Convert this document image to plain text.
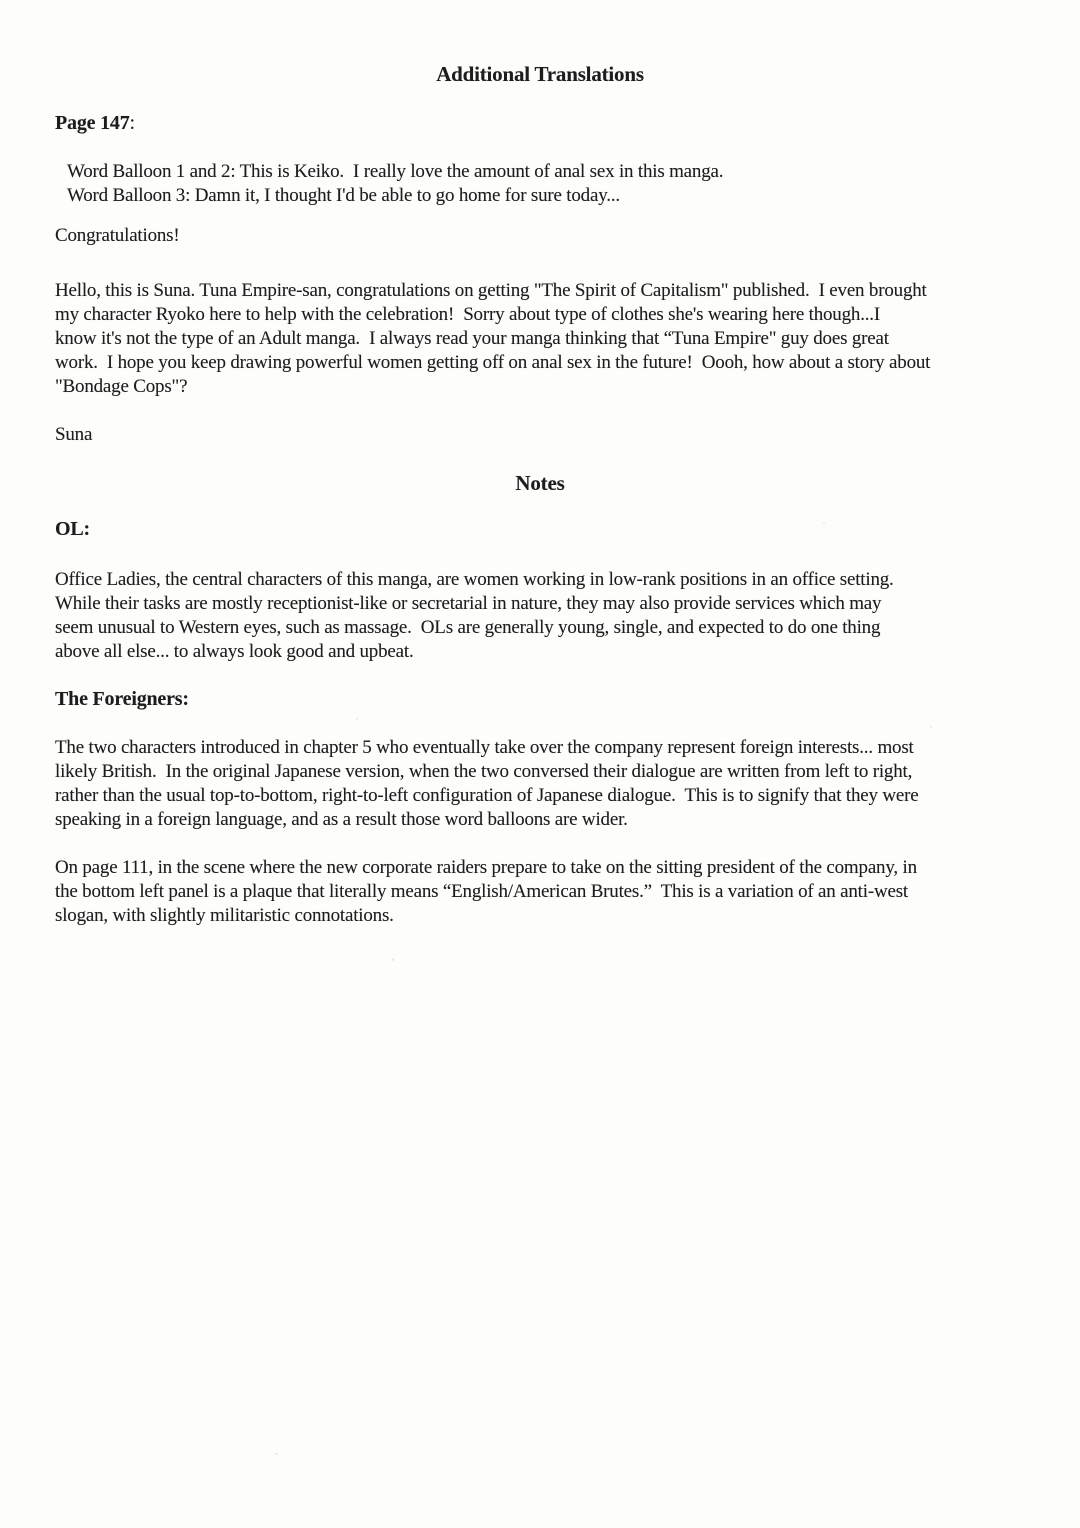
Additional Translations
Page 147:
Word Balloon 1 and 2: This is Keiko.  I really love the amount of anal sex in this manga.
Word Balloon 3: Damn it, I thought I'd be able to go home for sure today...
Congratulations!
Hello, this is Suna. Tuna Empire-san, congratulations on getting "The Spirit of Capitalism" published.  I even brought
my character Ryoko here to help with the celebration!  Sorry about type of clothes she's wearing here though...I
know it's not the type of an Adult manga.  I always read your manga thinking that “Tuna Empire" guy does great
work.  I hope you keep drawing powerful women getting off on anal sex in the future!  Oooh, how about a story about
"Bondage Cops"?
Suna
Notes
OL:
Office Ladies, the central characters of this manga, are women working in low-rank positions in an office setting.
While their tasks are mostly receptionist-like or secretarial in nature, they may also provide services which may
seem unusual to Western eyes, such as massage.  OLs are generally young, single, and expected to do one thing
above all else... to always look good and upbeat.
The Foreigners:
The two characters introduced in chapter 5 who eventually take over the company represent foreign interests... most
likely British.  In the original Japanese version, when the two conversed their dialogue are written from left to right,
rather than the usual top-to-bottom, right-to-left configuration of Japanese dialogue.  This is to signify that they were
speaking in a foreign language, and as a result those word balloons are wider.
On page 111, in the scene where the new corporate raiders prepare to take on the sitting president of the company, in
the bottom left panel is a plaque that literally means “English/American Brutes.”  This is a variation of an anti-west
slogan, with slightly militaristic connotations.
